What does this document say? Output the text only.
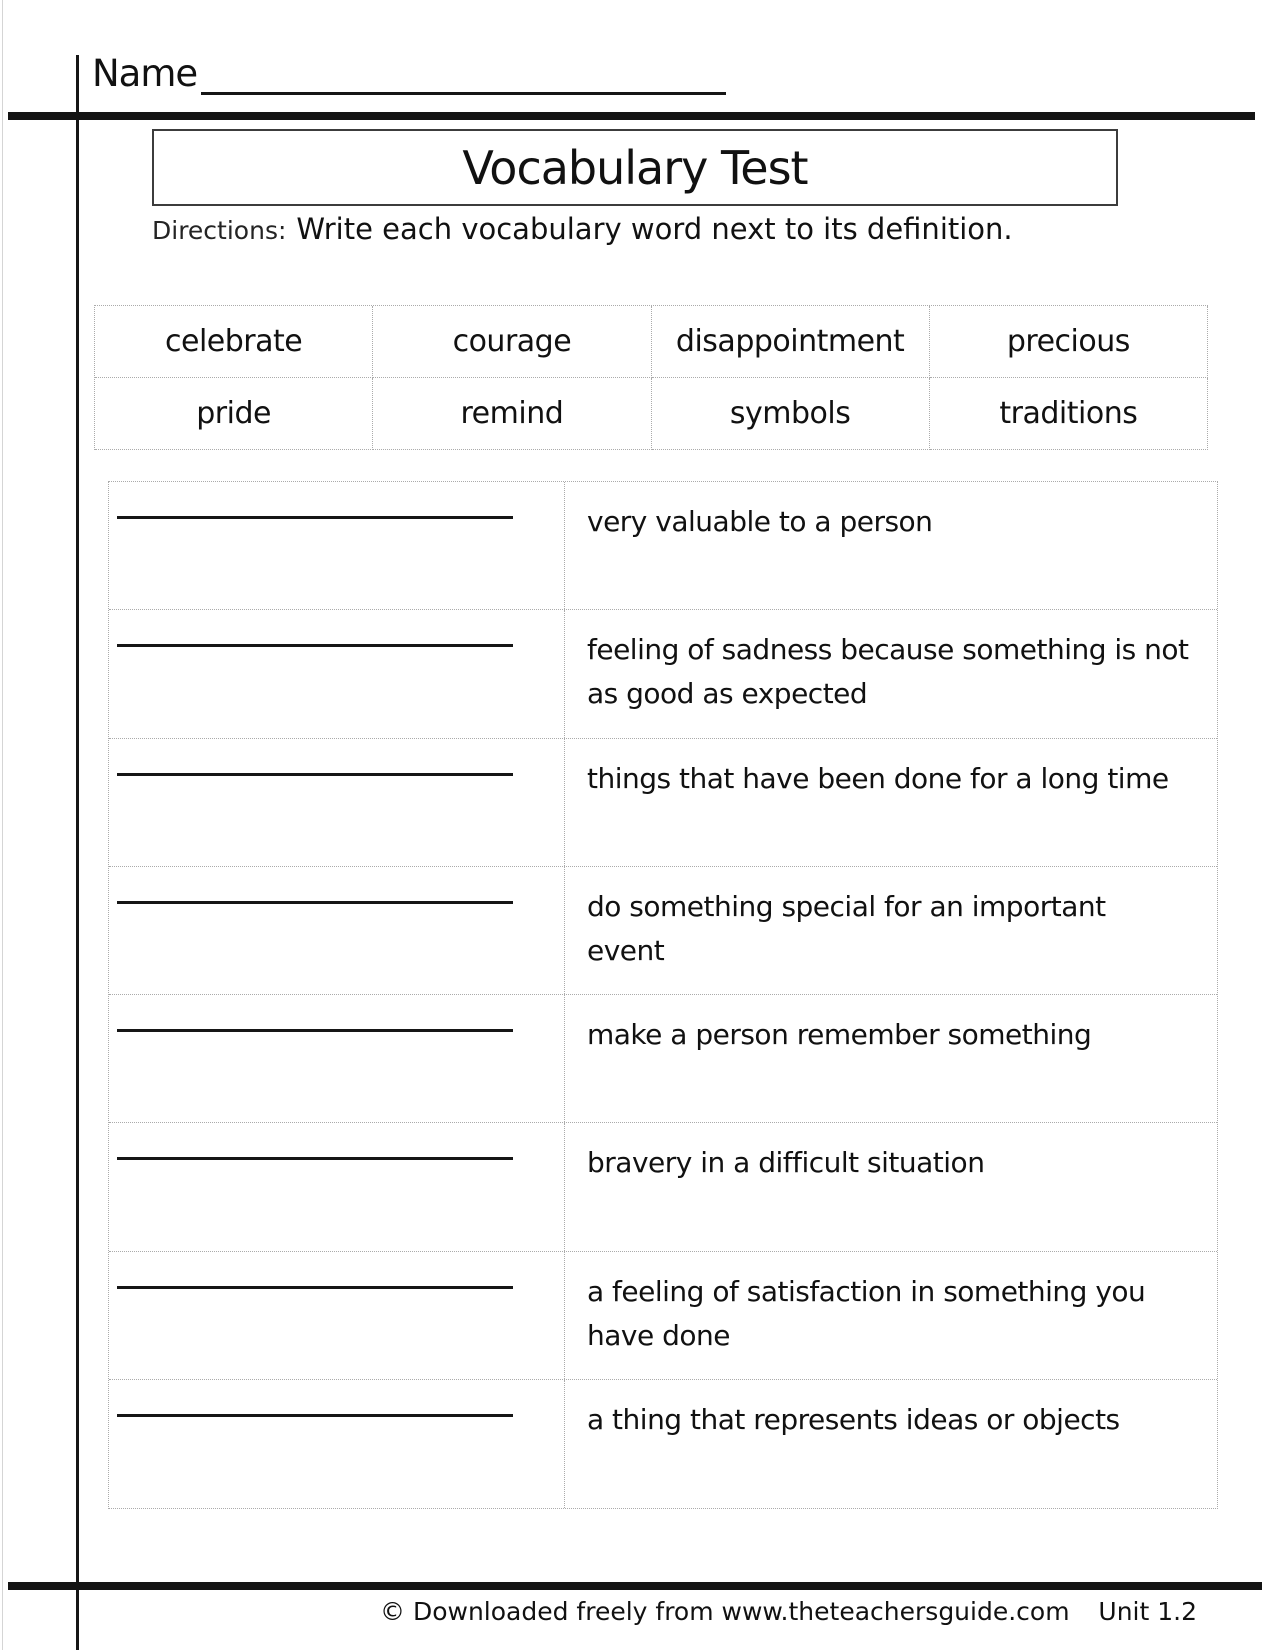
Name
Vocabulary Test
Directions: Write each vocabulary word next to its definition.
celebrate	courage	disappointment	precious
pride	remind	symbols	traditions
very valuable to a person
feeling of sadness because something is not as good as expected
things that have been done for a long time
do something special for an important event
make a person remember something
bravery in a difficult situation
a feeling of satisfaction in something you have done
a thing that represents ideas or objects
© Downloaded freely from www.theteachersguide.com Unit 1.2
